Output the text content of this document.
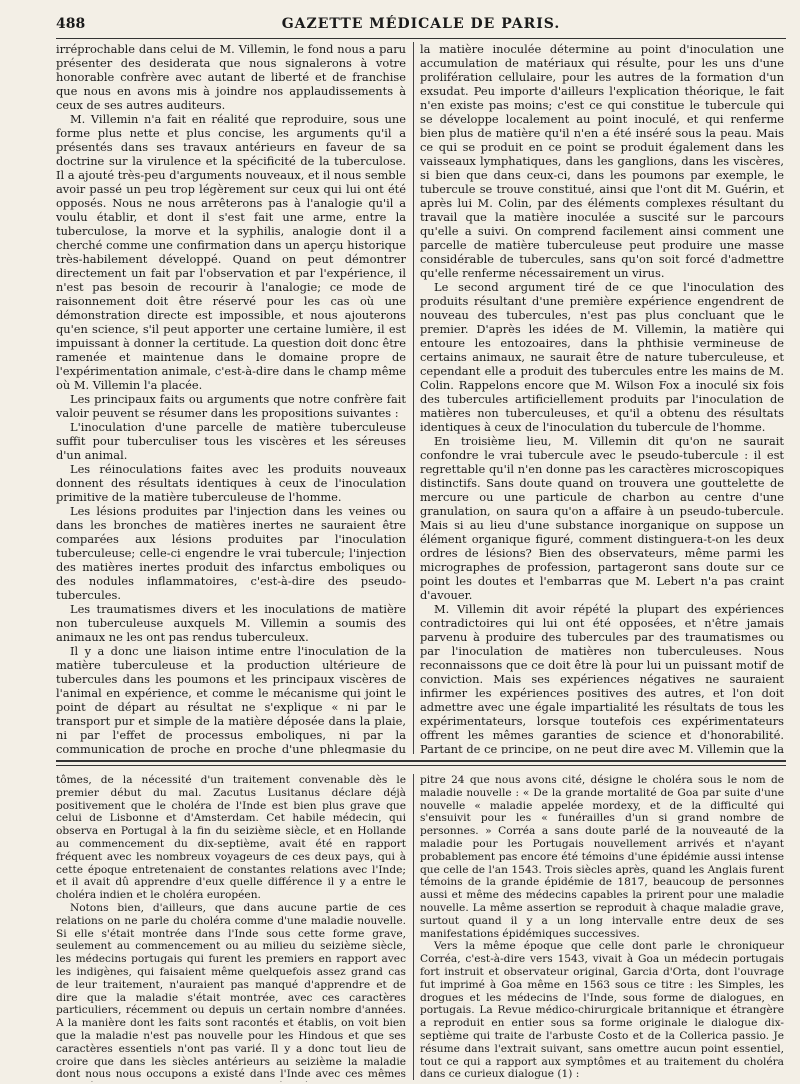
488	GAZETTE MÉDICALE DE PARIS.

irréprochable dans celui de M. Villemin, le fond nous a paru présenter des desiderata que nous signalerons à votre honorable confrère avec autant de liberté et de franchise que nous en avons mis à joindre nos applaudissements à ceux de ses autres auditeurs.

M. Villemin n'a fait en réalité que reproduire, sous une forme plus nette et plus concise, les arguments qu'il a présentés dans ses travaux antérieurs en faveur de sa doctrine sur la virulence et la spécificité de la tuberculose. Il a ajouté très-peu d'arguments nouveaux, et il nous semble avoir passé un peu trop légèrement sur ceux qui lui ont été opposés. Nous ne nous arrêterons pas à l'analogie qu'il a voulu établir, et dont il s'est fait une arme, entre la tuberculose, la morve et la syphilis, analogie dont il a cherché comme une confirmation dans un aperçu historique très-habilement développé. Quand on peut démontrer directement un fait par l'observation et par l'expérience, il n'est pas besoin de recourir à l'analogie; ce mode de raisonnement doit être réservé pour les cas où une démonstration directe est impossible, et nous ajouterons qu'en science, s'il peut apporter une certaine lumière, il est impuissant à donner la certitude. La question doit donc être ramenée et maintenue dans le domaine propre de l'expérimentation animale, c'est-à-dire dans le champ même où M. Villemin l'a placée.

Les principaux faits ou arguments que notre confrère fait valoir peuvent se résumer dans les propositions suivantes :

L'inoculation d'une parcelle de matière tuberculeuse suffit pour tuberculiser tous les viscères et les séreuses d'un animal.

Les réinoculations faites avec les produits nouveaux donnent des résultats identiques à ceux de l'inoculation primitive de la matière tuberculeuse de l'homme.

Les lésions produites par l'injection dans les veines ou dans les bronches de matières inertes ne sauraient être comparées aux lésions produites par l'inoculation tuberculeuse; celle-ci engendre le vrai tubercule; l'injection des matières inertes produit des infarctus emboliques ou des nodules inflammatoires, c'est-à-dire des pseudo-tubercules.

Les traumatismes divers et les inoculations de matière non tuberculeuse auxquels M. Villemin a soumis des animaux ne les ont pas rendus tuberculeux.

Il y a donc une liaison intime entre l'inoculation de la matière tuberculeuse et la production ultérieure de tubercules dans les poumons et les principaux viscères de l'animal en expérience, et comme le mécanisme qui joint le point de départ au résultat ne s'explique « ni par le transport pur et simple de la matière déposée dans la plaie, ni par l'effet de processus emboliques, ni par la communication de proche en proche d'une phlegmasie du

la matière inoculée détermine au point d'inoculation une accumulation de matériaux qui résulte, pour les uns d'une prolifération cellulaire, pour les autres de la formation d'un exsudat. Peu importe d'ailleurs l'explication théorique, le fait n'en existe pas moins; c'est ce qui constitue le tubercule qui se développe localement au point inoculé, et qui renferme bien plus de matière qu'il n'en a été inséré sous la peau. Mais ce qui se produit en ce point se produit également dans les vaisseaux lymphatiques, dans les ganglions, dans les viscères, si bien que dans ceux-ci, dans les poumons par exemple, le tubercule se trouve constitué, ainsi que l'ont dit M. Guérin, et après lui M. Colin, par des éléments complexes résultant du travail que la matière inoculée a suscité sur le parcours qu'elle a suivi. On comprend facilement ainsi comment une parcelle de matière tuberculeuse peut produire une masse considérable de tubercules, sans qu'on soit forcé d'admettre qu'elle renferme nécessairement un virus.

Le second argument tiré de ce que l'inoculation des produits résultant d'une première expérience engendrent de nouveau des tubercules, n'est pas plus concluant que le premier. D'après les idées de M. Villemin, la matière qui entoure les entozoaires, dans la phthisie vermineuse de certains animaux, ne saurait être de nature tuberculeuse, et cependant elle a produit des tubercules entre les mains de M. Colin. Rappelons encore que M. Wilson Fox a inoculé six fois des tubercules artificiellement produits par l'inoculation de matières non tuberculeuses, et qu'il a obtenu des résultats identiques à ceux de l'inoculation du tubercule de l'homme.

En troisième lieu, M. Villemin dit qu'on ne saurait confondre le vrai tubercule avec le pseudo-tubercule : il est regrettable qu'il n'en donne pas les caractères microscopiques distinctifs. Sans doute quand on trouvera une gouttelette de mercure ou une particule de charbon au centre d'une granulation, on saura qu'on a affaire à un pseudo-tubercule. Mais si au lieu d'une substance inorganique on suppose un élément organique figuré, comment distinguera-t-on les deux ordres de lésions? Bien des observateurs, même parmi les micrographes de profession, partageront sans doute sur ce point les doutes et l'embarras que M. Lebert n'a pas craint d'avouer.

M. Villemin dit avoir répété la plupart des expériences contradictoires qui lui ont été opposées, et n'être jamais parvenu à produire des tubercules par des traumatismes ou par l'inoculation de matières non tuberculeuses. Nous reconnaissons que ce doit être là pour lui un puissant motif de conviction. Mais ses expériences négatives ne sauraient infirmer les expériences positives des autres, et l'on doit admettre avec une égale impartialité les résultats de tous les expérimentateurs, lorsque toutefois ces expérimentateurs offrent les mêmes garanties de science et d'honorabilité. Partant de ce principe, on ne peut dire avec M. Villemin que la

tômes, de la nécessité d'un traitement convenable dès le premier début du mal. Zacutus Lusitanus déclare déjà positivement que le choléra de l'Inde est bien plus grave que celui de Lisbonne et d'Amsterdam. Cet habile médecin, qui observa en Portugal à la fin du seizième siècle, et en Hollande au commencement du dix-septième, avait été en rapport fréquent avec les nombreux voyageurs de ces deux pays, qui à cette époque entretenaient de constantes relations avec l'Inde; et il avait dû apprendre d'eux quelle différence il y a entre le choléra indien et le choléra européen.

Notons bien, d'ailleurs, que dans aucune partie de ces relations on ne parle du choléra comme d'une maladie nouvelle. Si elle s'était montrée dans l'Inde sous cette forme grave, seulement au commencement ou au milieu du seizième siècle, les médecins portugais qui furent les premiers en rapport avec les indigènes, qui faisaient même quelquefois assez grand cas de leur traitement, n'auraient pas manqué d'apprendre et de dire que la maladie s'était montrée, avec ces caractères particuliers, récemment ou depuis un certain nombre d'années. A la manière dont les faits sont racontés et établis, on voit bien que la maladie n'est pas nouvelle pour les Hindous et que ses caractères essentiels n'ont pas varié. Il y a donc tout lieu de croire que dans les siècles antérieurs au seizième la maladie dont nous nous occupons a existé dans l'Inde avec ces mêmes

pitre 24 que nous avons cité, désigne le choléra sous le nom de maladie nouvelle : « De la grande mortalité de Goa par suite d'une nouvelle « maladie appelée mordexy, et de la difficulté qui s'ensuivit pour les « funérailles d'un si grand nombre de personnes. » Corréa a sans doute parlé de la nouveauté de la maladie pour les Portugais nouvellement arrivés et n'ayant probablement pas encore été témoins d'une épidémie aussi intense que celle de l'an 1543. Trois siècles après, quand les Anglais furent témoins de la grande épidémie de 1817, beaucoup de personnes aussi et même des médecins capables la prirent pour une maladie nouvelle. La même assertion se reproduit à chaque maladie grave, surtout quand il y a un long intervalle entre deux de ses manifestations épidémiques successives.

Vers la même époque que celle dont parle le chroniqueur Corréa, c'est-à-dire vers 1543, vivait à Goa un médecin portugais fort instruit et observateur original, Garcia d'Orta, dont l'ouvrage fut imprimé à Goa même en 1563 sous ce titre : les Simples, les drogues et les médecins de l'Inde, sous forme de dialogues, en portugais. La Revue médico-chirurgicale britannique et étrangère a reproduit en entier sous sa forme originale le dialogue dix-septième qui traite de l'arbuste Costo et de la Collerica passio. Je résume dans l'extrait suivant, sans omettre aucun point essentiel, tout ce qui a rapport aux symptômes et au traitement du choléra dans ce curieux dialogue (1) :
